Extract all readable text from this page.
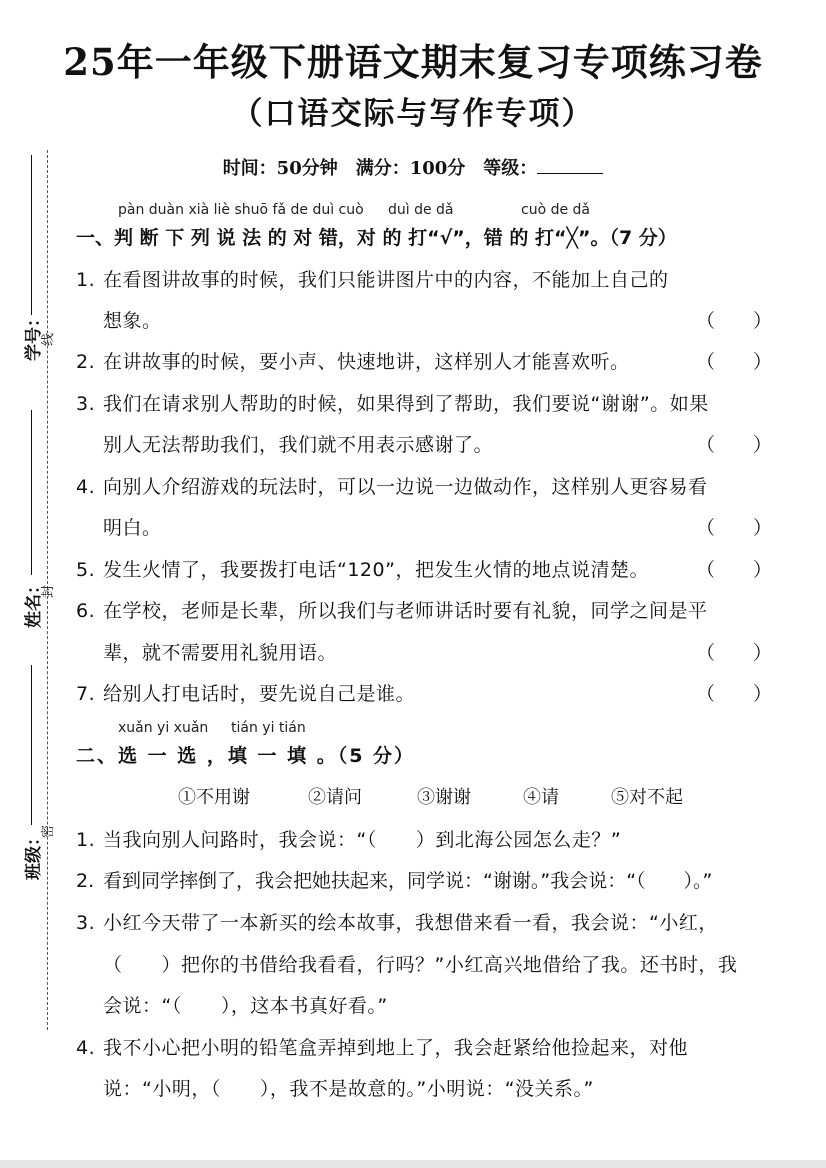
25年一年级下册语文期末复习专项练习卷
（口语交际与写作专项）
时间：50分钟　满分：100分　等级：
学号：
线
姓名：
封
班级：
密
pàn duàn xià liè shuō fǎ de duì cuò duì de dǎ	cuò de dǎ
一、判 断 下 列 说 法 的 对 错，对 的 打“√”，错 的 打“╳”。（7 分）
1. 在看图讲故事的时候，我们只能讲图片中的内容，不能加上自己的
想象。	（　　）
2. 在讲故事的时候，要小声、快速地讲，这样别人才能喜欢听。	（　　）
3. 我们在请求别人帮助的时候，如果得到了帮助，我们要说“谢谢”。如果
别人无法帮助我们，我们就不用表示感谢了。	（　　）
4. 向别人介绍游戏的玩法时，可以一边说一边做动作，这样别人更容易看
明白。	（　　）
5. 发生火情了，我要拨打电话“120”，把发生火情的地点说清楚。 （　　）
6. 在学校，老师是长辈，所以我们与老师讲话时要有礼貌，同学之间是平
辈，就不需要用礼貌用语。	（　　）
7. 给别人打电话时，要先说自己是谁。	（　　）
xuǎn yi xuǎn tián yi tián
二、选 一 选 ，填 一 填 。（5 分）
①不用谢	②请问	③谢谢	④请	⑤对不起
1. 当我向别人问路时，我会说：“（　　）到北海公园怎么走？”
2. 看到同学摔倒了，我会把她扶起来，同学说：“谢谢。”我会说：“（　　）。”
3. 小红今天带了一本新买的绘本故事，我想借来看一看，我会说：“小红，
（　　）把你的书借给我看看，行吗？”小红高兴地借给了我。还书时，我
会说：“（　　），这本书真好看。”
4. 我不小心把小明的铅笔盒弄掉到地上了，我会赶紧给他捡起来，对他
说：“小明，（　　），我不是故意的。”小明说：“没关系。”
